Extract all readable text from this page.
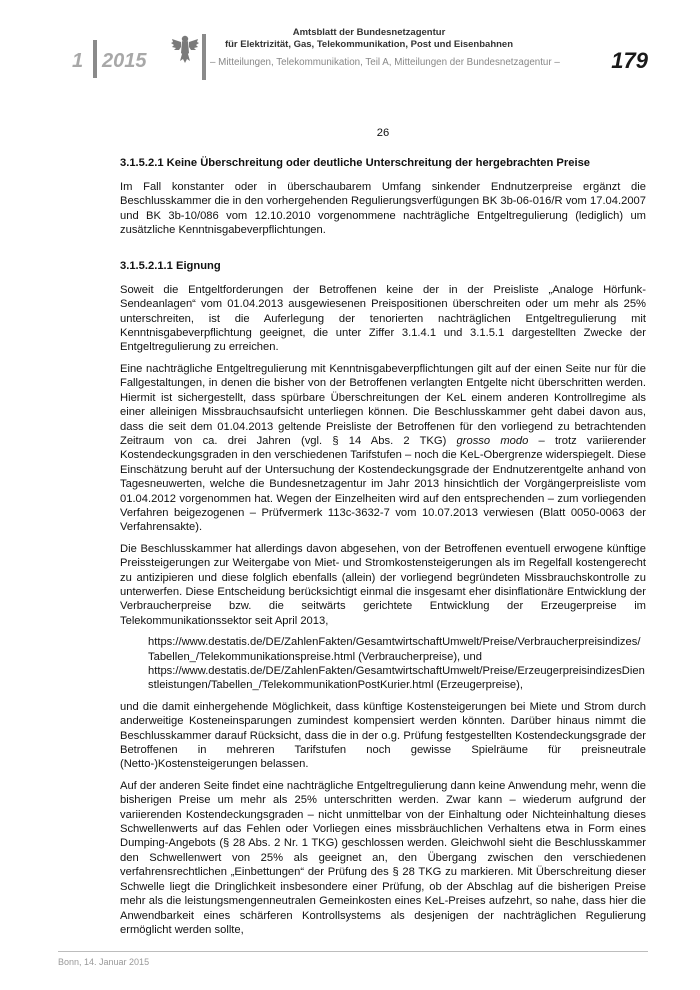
1 2015
Amtsblatt der Bundesnetzagentur
für Elektrizität, Gas, Telekommunikation, Post und Eisenbahnen
– Mitteilungen, Telekommunikation, Teil A, Mitteilungen der Bundesnetzagentur – 179
26
3.1.5.2.1 Keine Überschreitung oder deutliche Unterschreitung der hergebrachten Preise

Im Fall konstanter oder in überschaubarem Umfang sinkender Endnutzerpreise ergänzt die Beschlusskammer die in den vorhergehenden Regulierungsverfügungen BK 3b-06-016/R vom 17.04.2007 und BK 3b-10/086 vom 12.10.2010 vorgenommene nachträgliche Entgeltregulierung (lediglich) um zusätzliche Kenntnisgabeverpflichtungen.

3.1.5.2.1.1 Eignung

Soweit die Entgeltforderungen der Betroffenen keine der in der Preisliste „Analoge Hörfunk-Sendeanlagen“ vom 01.04.2013 ausgewiesenen Preispositionen überschreiten oder um mehr als 25% unterschreiten, ist die Auferlegung der tenorierten nachträglichen Entgeltregulierung mit Kenntnisgabeverpflichtung geeignet, die unter Ziffer 3.1.4.1 und 3.1.5.1 dargestellten Zwecke der Entgeltregulierung zu erreichen.

Eine nachträgliche Entgeltregulierung mit Kenntnisgabeverpflichtungen gilt auf der einen Seite nur für die Fallgestaltungen, in denen die bisher von der Betroffenen verlangten Entgelte nicht überschritten werden. Hiermit ist sichergestellt, dass spürbare Überschreitungen der KeL einem anderen Kontrollregime als einer alleinigen Missbrauchsaufsicht unterliegen können. Die Beschlusskammer geht dabei davon aus, dass die seit dem 01.04.2013 geltende Preisliste der Betroffenen für den vorliegend zu betrachtenden Zeitraum von ca. drei Jahren (vgl. § 14 Abs. 2 TKG) grosso modo – trotz variierender Kostendeckungsgraden in den verschiedenen Tarifstufen – noch die KeL-Obergrenze widerspiegelt. Diese Einschätzung beruht auf der Untersuchung der Kostendeckungsgrade der Endnutzerentgelte anhand von Tagesneuwerten, welche die Bundesnetzagentur im Jahr 2013 hinsichtlich der Vorgängerpreisliste vom 01.04.2012 vorgenommen hat. Wegen der Einzelheiten wird auf den entsprechenden – zum vorliegenden Verfahren beigezogenen – Prüfvermerk 113c-3632-7 vom 10.07.2013 verwiesen (Blatt 0050-0063 der Verfahrensakte).

Die Beschlusskammer hat allerdings davon abgesehen, von der Betroffenen eventuell erwogene künftige Preissteigerungen zur Weitergabe von Miet- und Stromkostensteigerungen als im Regelfall kostengerecht zu antizipieren und diese folglich ebenfalls (allein) der vorliegend begründeten Missbrauchskontrolle zu unterwerfen. Diese Entscheidung berücksichtigt einmal die insgesamt eher disinflationäre Entwicklung der Verbraucherpreise bzw. die seitwärts gerichtete Entwicklung der Erzeugerpreise im Telekommunikationssektor seit April 2013,

https://www.destatis.de/DE/ZahlenFakten/GesamtwirtschaftUmwelt/Preise/Verbraucherpreisindizes/Tabellen_/Telekommunikationspreise.html (Verbraucherpreise), und
https://www.destatis.de/DE/ZahlenFakten/GesamtwirtschaftUmwelt/Preise/ErzeugerpreisindizesDienstleistungen/Tabellen_/TelekommunikationPostKurier.html (Erzeugerpreise),

und die damit einhergehende Möglichkeit, dass künftige Kostensteigerungen bei Miete und Strom durch anderweitige Kosteneinsparungen zumindest kompensiert werden könnten. Darüber hinaus nimmt die Beschlusskammer darauf Rücksicht, dass die in der o.g. Prüfung festgestellten Kostendeckungsgrade der Betroffenen in mehreren Tarifstufen noch gewisse Spielräume für preisneutrale (Netto-)Kostensteigerungen belassen.

Auf der anderen Seite findet eine nachträgliche Entgeltregulierung dann keine Anwendung mehr, wenn die bisherigen Preise um mehr als 25% unterschritten werden. Zwar kann – wiederum aufgrund der variierenden Kostendeckungsgraden – nicht unmittelbar von der Einhaltung oder Nichteinhaltung dieses Schwellenwerts auf das Fehlen oder Vorliegen eines missbräuchlichen Verhaltens etwa in Form eines Dumping-Angebots (§ 28 Abs. 2 Nr. 1 TKG) geschlossen werden. Gleichwohl sieht die Beschlusskammer den Schwellenwert von 25% als geeignet an, den Übergang zwischen den verschiedenen verfahrensrechtlichen „Einbettungen“ der Prüfung des § 28 TKG zu markieren. Mit Überschreitung dieser Schwelle liegt die Dringlichkeit insbesondere einer Prüfung, ob der Abschlag auf die bisherigen Preise mehr als die leistungsmengenneutralen Gemeinkosten eines KeL-Preises aufzehrt, so nahe, dass hier die Anwendbarkeit eines schärferen Kontrollsystems als desjenigen der nachträglichen Regulierung ermöglicht werden sollte,

Bonn, 14. Januar 2015
